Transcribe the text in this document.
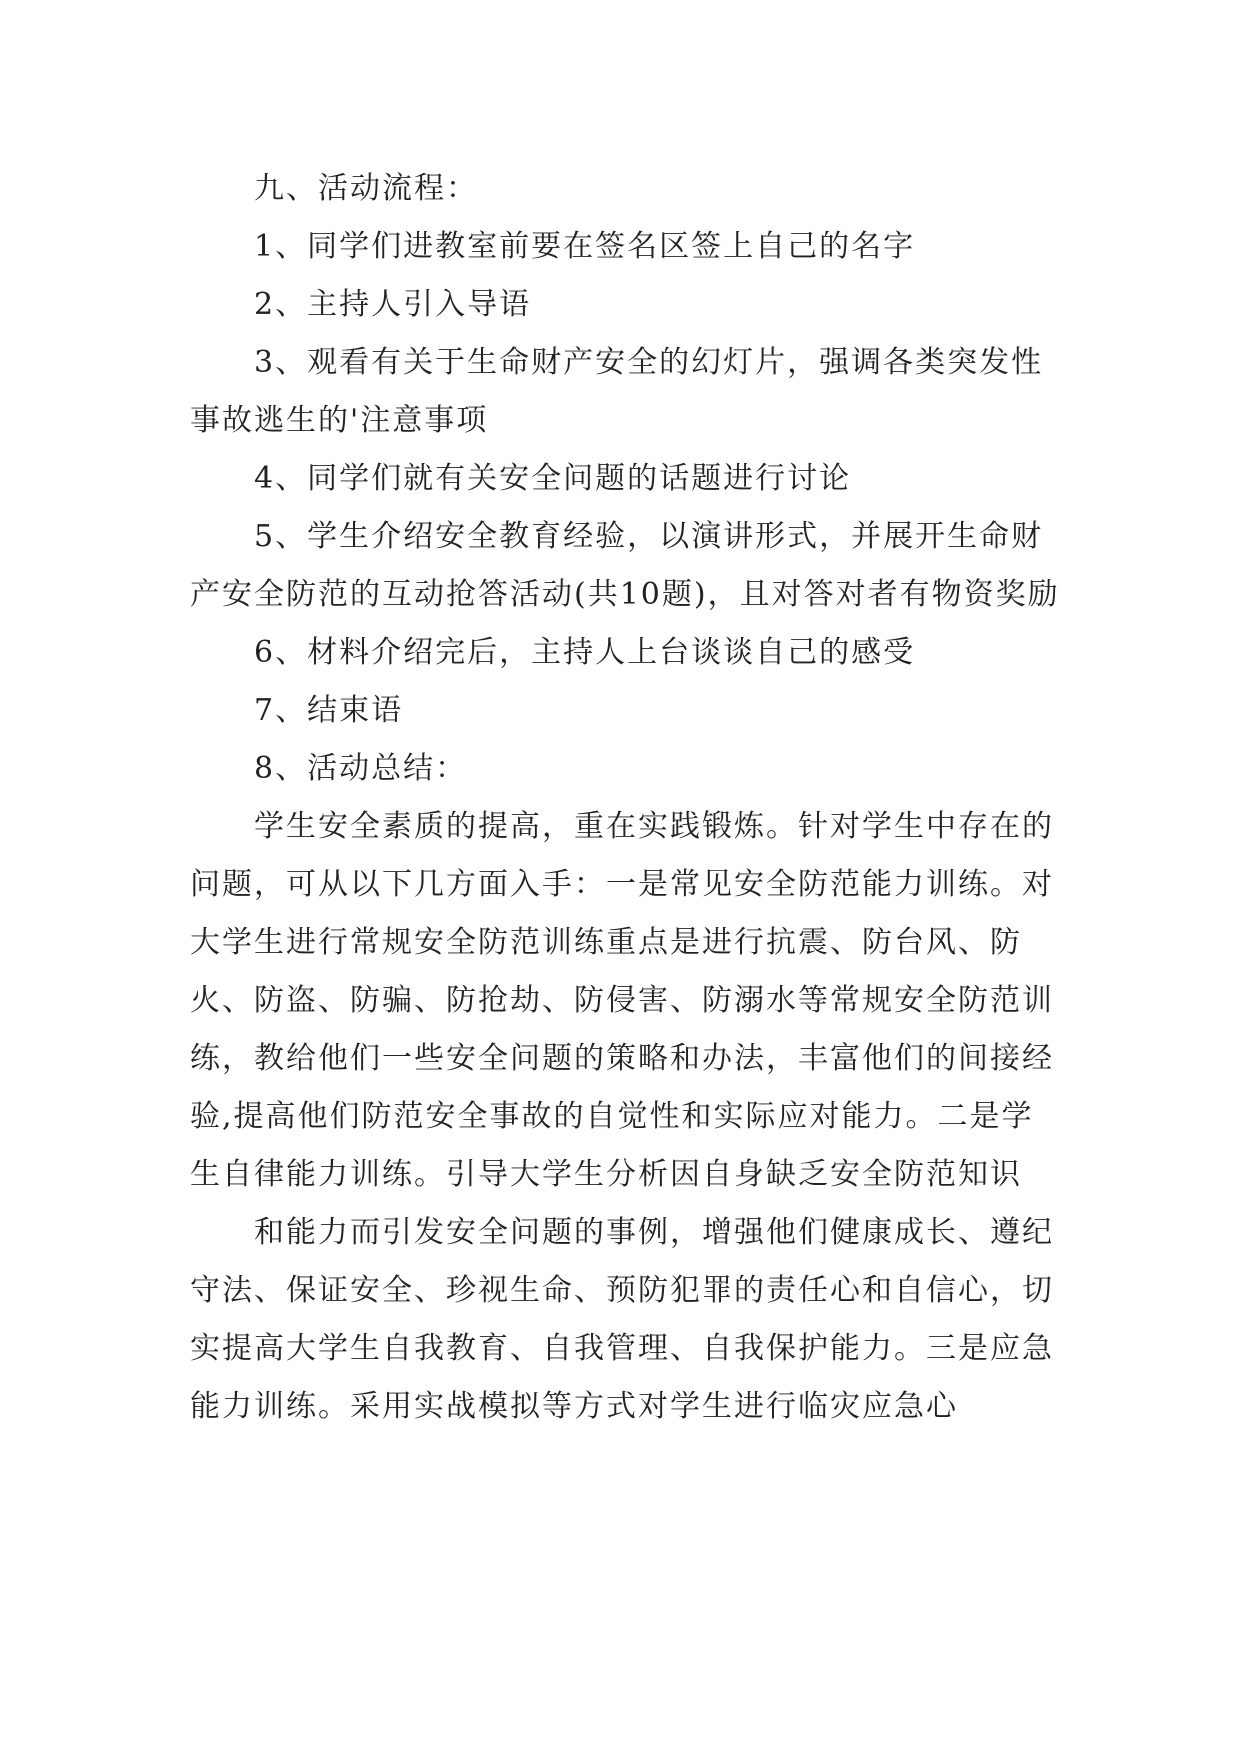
九、活动流程：

1、同学们进教室前要在签名区签上自己的名字

2、主持人引入导语

3、观看有关于生命财产安全的幻灯片，强调各类突发性事故逃生的'注意事项

4、同学们就有关安全问题的话题进行讨论

5、学生介绍安全教育经验，以演讲形式，并展开生命财产安全防范的互动抢答活动(共10题)，且对答对者有物资奖励

6、材料介绍完后，主持人上台谈谈自己的感受

7、结束语

8、活动总结：

学生安全素质的提高，重在实践锻炼。针对学生中存在的问题，可从以下几方面入手：一是常见安全防范能力训练。对大学生进行常规安全防范训练重点是进行抗震、防台风、防火、防盗、防骗、防抢劫、防侵害、防溺水等常规安全防范训练，教给他们一些安全问题的策略和办法，丰富他们的间接经验,提高他们防范安全事故的自觉性和实际应对能力。二是学生自律能力训练。引导大学生分析因自身缺乏安全防范知识

和能力而引发安全问题的事例，增强他们健康成长、遵纪守法、保证安全、珍视生命、预防犯罪的责任心和自信心，切实提高大学生自我教育、自我管理、自我保护能力。三是应急能力训练。采用实战模拟等方式对学生进行临灾应急心
